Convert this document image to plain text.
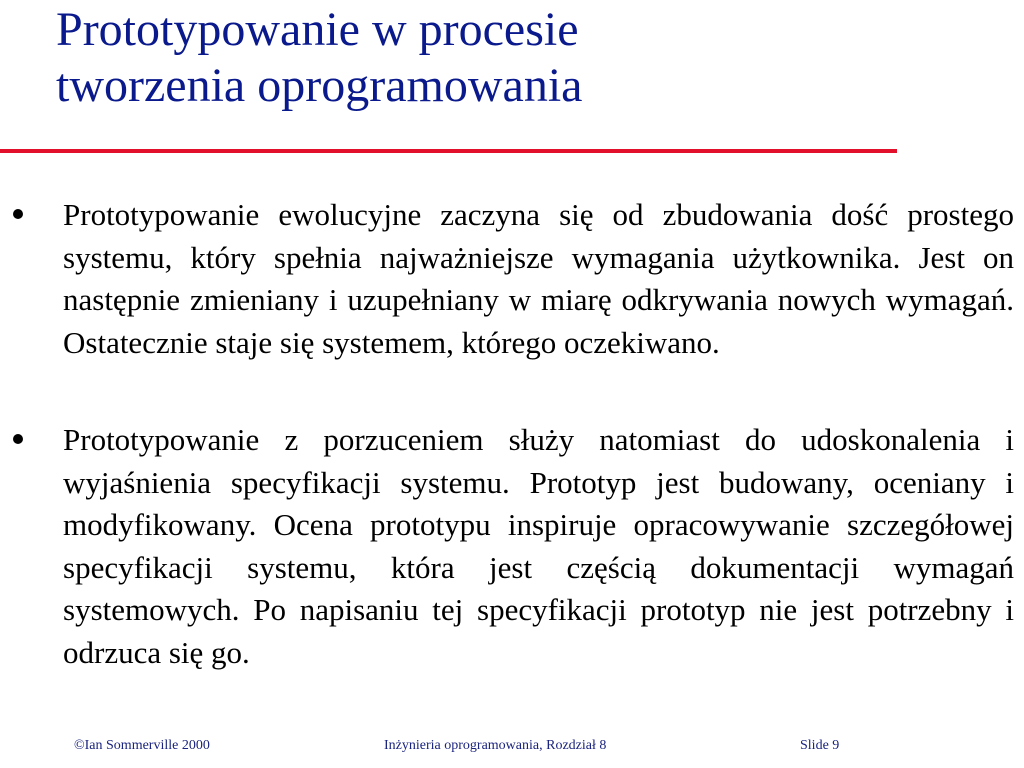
Prototypowanie w procesie
tworzenia oprogramowania

Prototypowanie ewolucyjne zaczyna się od zbudowania dość prostego systemu, który spełnia najważniejsze wymagania użytkownika. Jest on następnie zmieniany i uzupełniany w miarę odkrywania nowych wymagań. Ostatecznie staje się systemem, którego oczekiwano.

Prototypowanie z porzuceniem służy natomiast do udoskonalenia i wyjaśnienia specyfikacji systemu. Prototyp jest budowany, oceniany i modyfikowany. Ocena prototypu inspiruje opracowywanie szczegółowej specyfikacji systemu, która jest częścią dokumentacji wymagań systemowych. Po napisaniu tej specyfikacji prototyp nie jest potrzebny i odrzuca się go.

©Ian Sommerville 2000	Inżynieria oprogramowania, Rozdział 8	Slide 9
